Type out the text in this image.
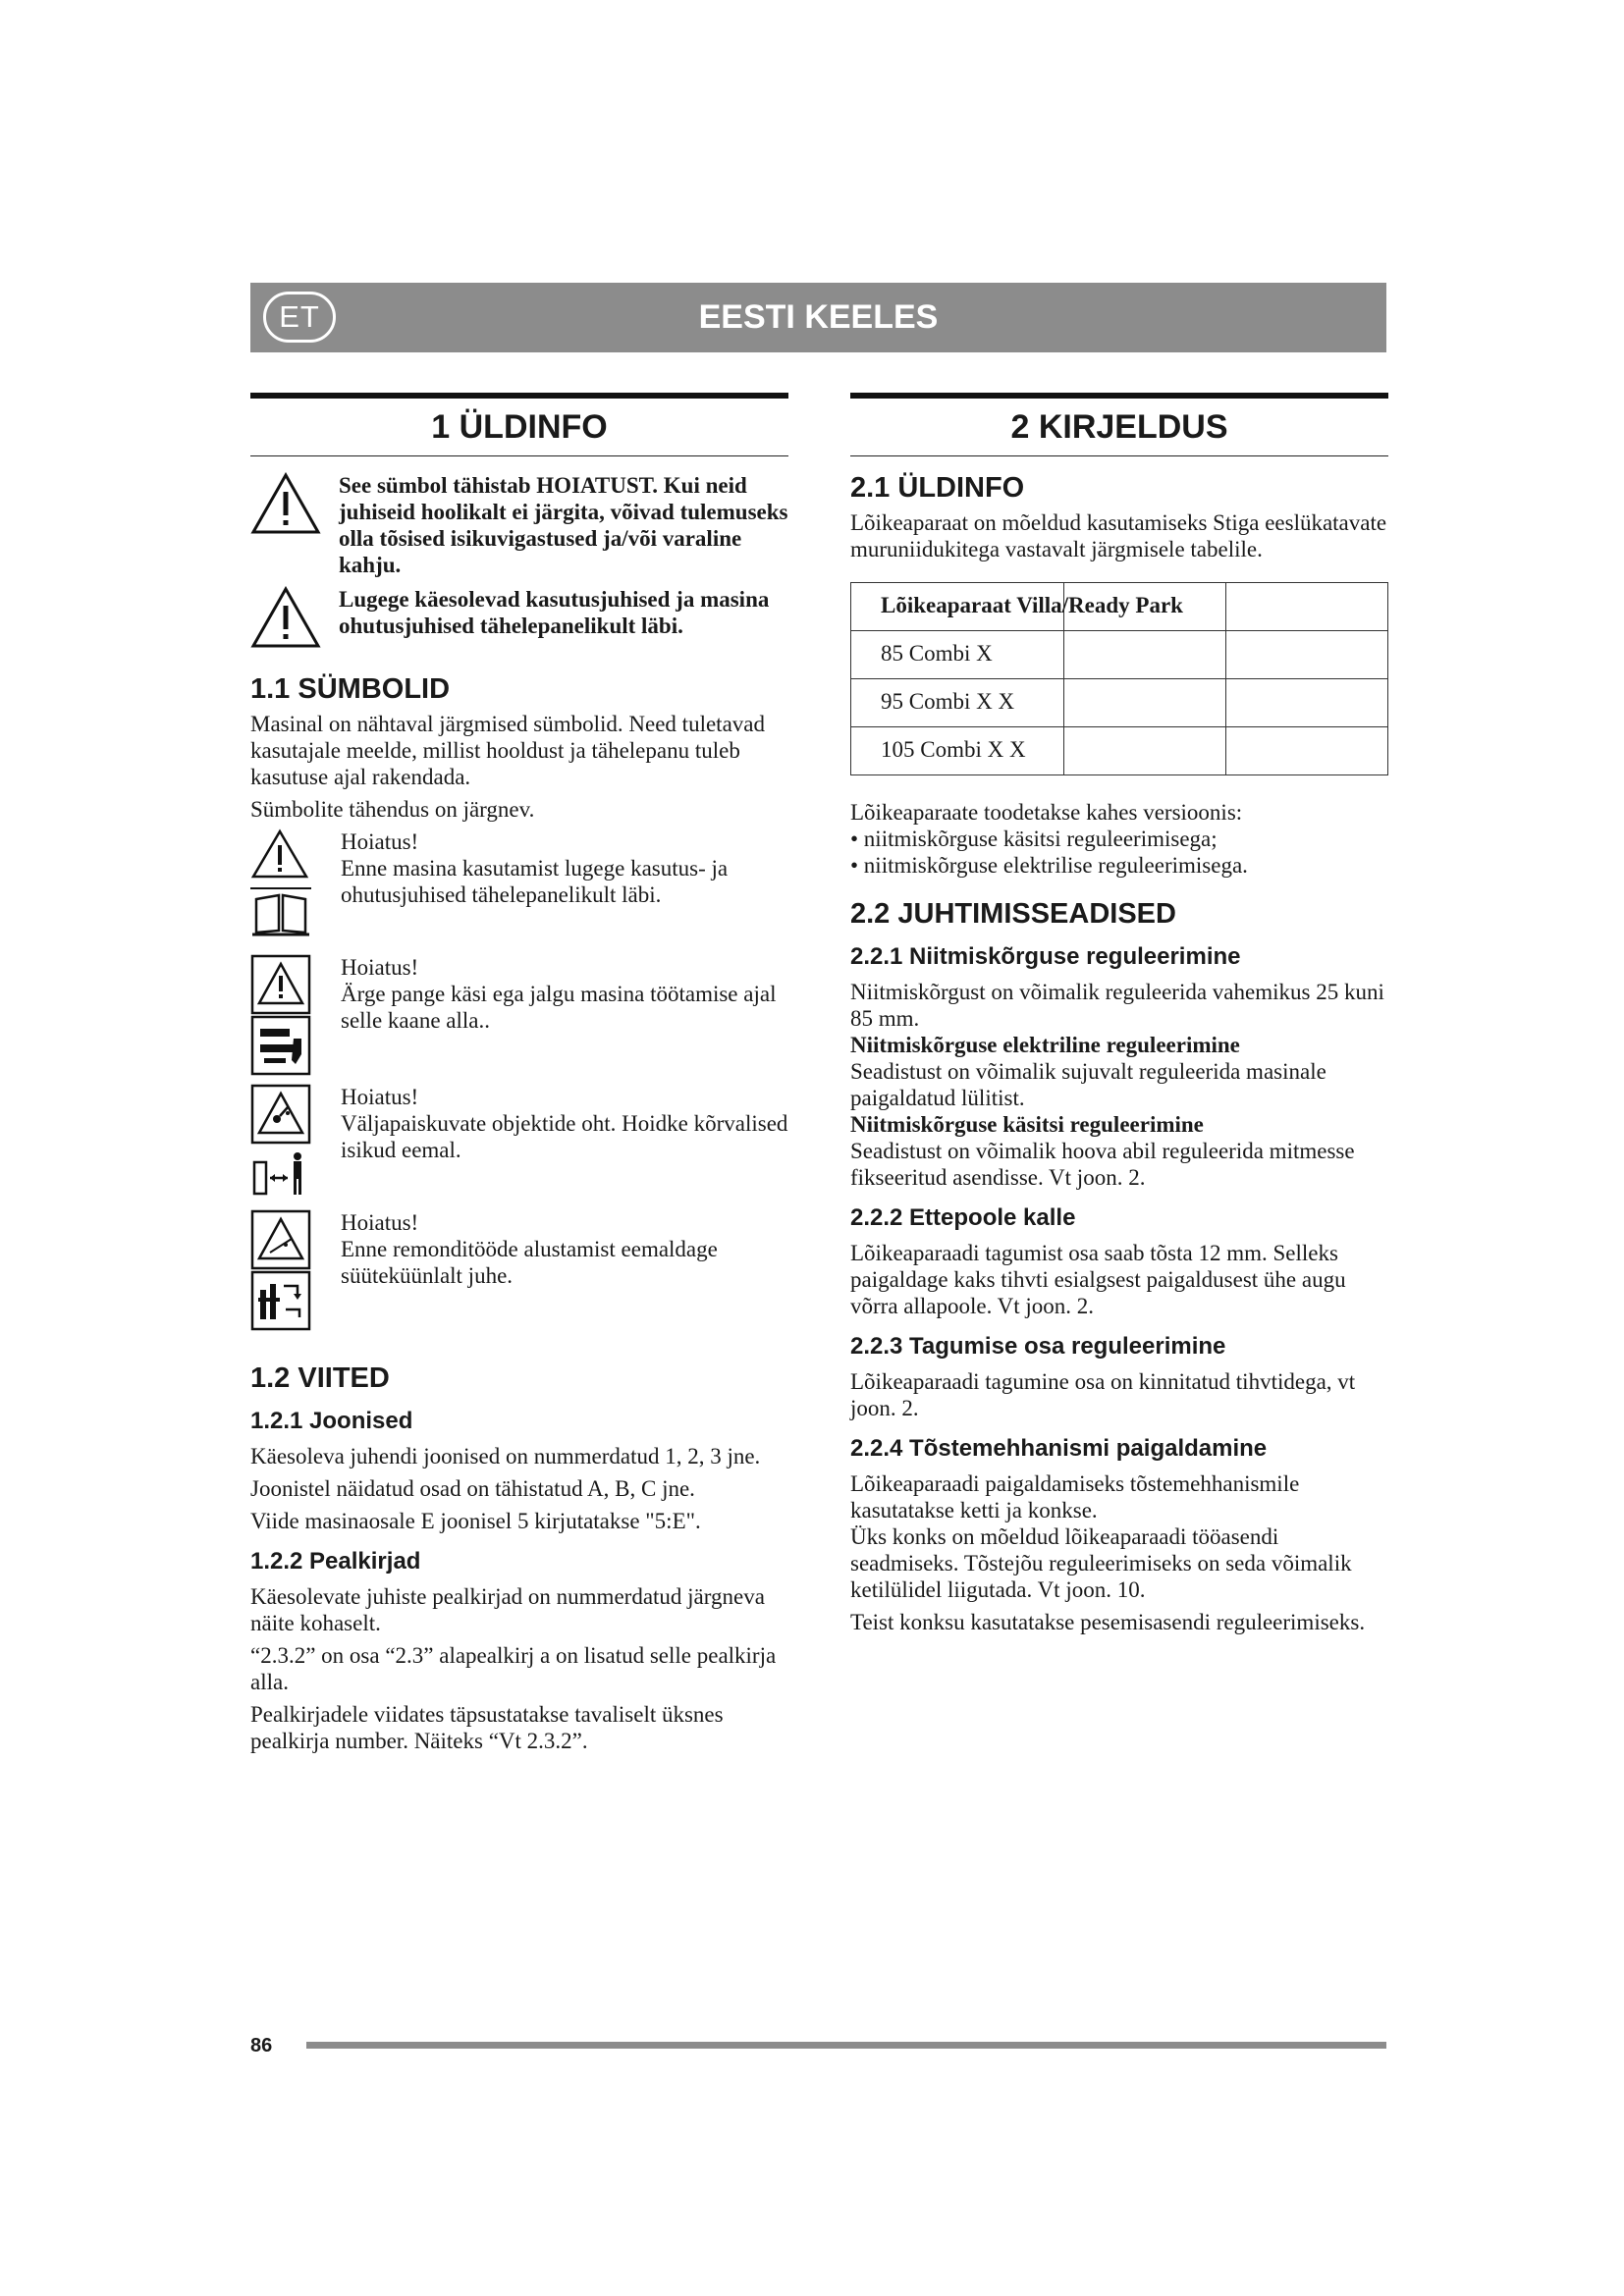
EESTI KEELES
ET
1 ÜLDINFO
See sümbol tähistab HOIATUST. Kui neid juhiseid hoolikalt ei järgita, võivad tulemuseks olla tõsised isikuvigastused ja/või varaline kahju.
Lugege käesolevad kasutusjuhised ja masina ohutusjuhised tähelepanelikult läbi.
1.1 SÜMBOLID

Masinal on nähtaval järgmised sümbolid. Need tuletavad kasutajale meelde, millist hooldust ja tähelepanu tuleb kasutuse ajal rakendada.

Sümbolite tähendus on järgnev.

Hoiatus!

Enne masina kasutamist lugege kasutus- ja ohutusjuhised tähelepanelikult läbi.

Hoiatus!

Ärge pange käsi ega jalgu masina töötamise ajal selle kaane alla..

Hoiatus!

Väljapaiskuvate objektide oht. Hoidke kõrvalised isikud eemal.

Hoiatus!

Enne remonditööde alustamist eemaldage süüteküünlalt juhe.

1.2 VIITED
1.2.1 Joonised

Käesoleva juhendi joonised on nummerdatud 1, 2, 3 jne.

Joonistel näidatud osad on tähistatud A, B, C jne.

Viide masinaosale E joonisel 5 kirjutatakse "5:E".

1.2.2 Pealkirjad

Käesolevate juhiste pealkirjad on nummerdatud järgneva näite kohaselt.

“2.3.2” on osa “2.3” alapealkirj a on lisatud selle pealkirja alla.

Pealkirjadele viidates täpsustatakse tavaliselt üksnes pealkirja number. Näiteks “Vt 2.3.2”.

2 KIRJELDUS
2.1 ÜLDINFO

Lõikeaparaat on mõeldud kasutamiseks Stiga eeslükatavate muruniidukitega vastavalt järgmisele tabelile.

Lõikeaparaat Villa/Ready Park		

85 Combi X		

95 Combi X X		

105 Combi X X		

Lõikeaparaate toodetakse kahes versioonis:

• niitmiskõrguse käsitsi reguleerimisega;

• niitmiskõrguse elektrilise reguleerimisega.

2.2 JUHTIMISSEADISED
2.2.1 Niitmiskõrguse reguleerimine

Niitmiskõrgust on võimalik reguleerida vahemikus 25 kuni 85 mm.

Niitmiskõrguse elektriline reguleerimine

Seadistust on võimalik sujuvalt reguleerida masinale paigaldatud lülitist.

Niitmiskõrguse käsitsi reguleerimine

Seadistust on võimalik hoova abil reguleerida mitmesse fikseeritud asendisse. Vt joon. 2.

2.2.2 Ettepoole kalle

Lõikeaparaadi tagumist osa saab tõsta 12 mm. Selleks paigaldage kaks tihvti esialgsest paigaldusest ühe augu võrra allapoole. Vt joon. 2.

2.2.3 Tagumise osa reguleerimine

Lõikeaparaadi tagumine osa on kinnitatud tihvtidega, vt joon. 2.

2.2.4 Tõstemehhanismi paigaldamine

Lõikeaparaadi paigaldamiseks tõstemehhanismile kasutatakse ketti ja konkse.

Üks konks on mõeldud lõikeaparaadi tööasendi seadmiseks. Tõstejõu reguleerimiseks on seda võimalik ketilülidel liigutada. Vt joon. 10.

Teist konksu kasutatakse pesemisasendi reguleerimiseks.

86
